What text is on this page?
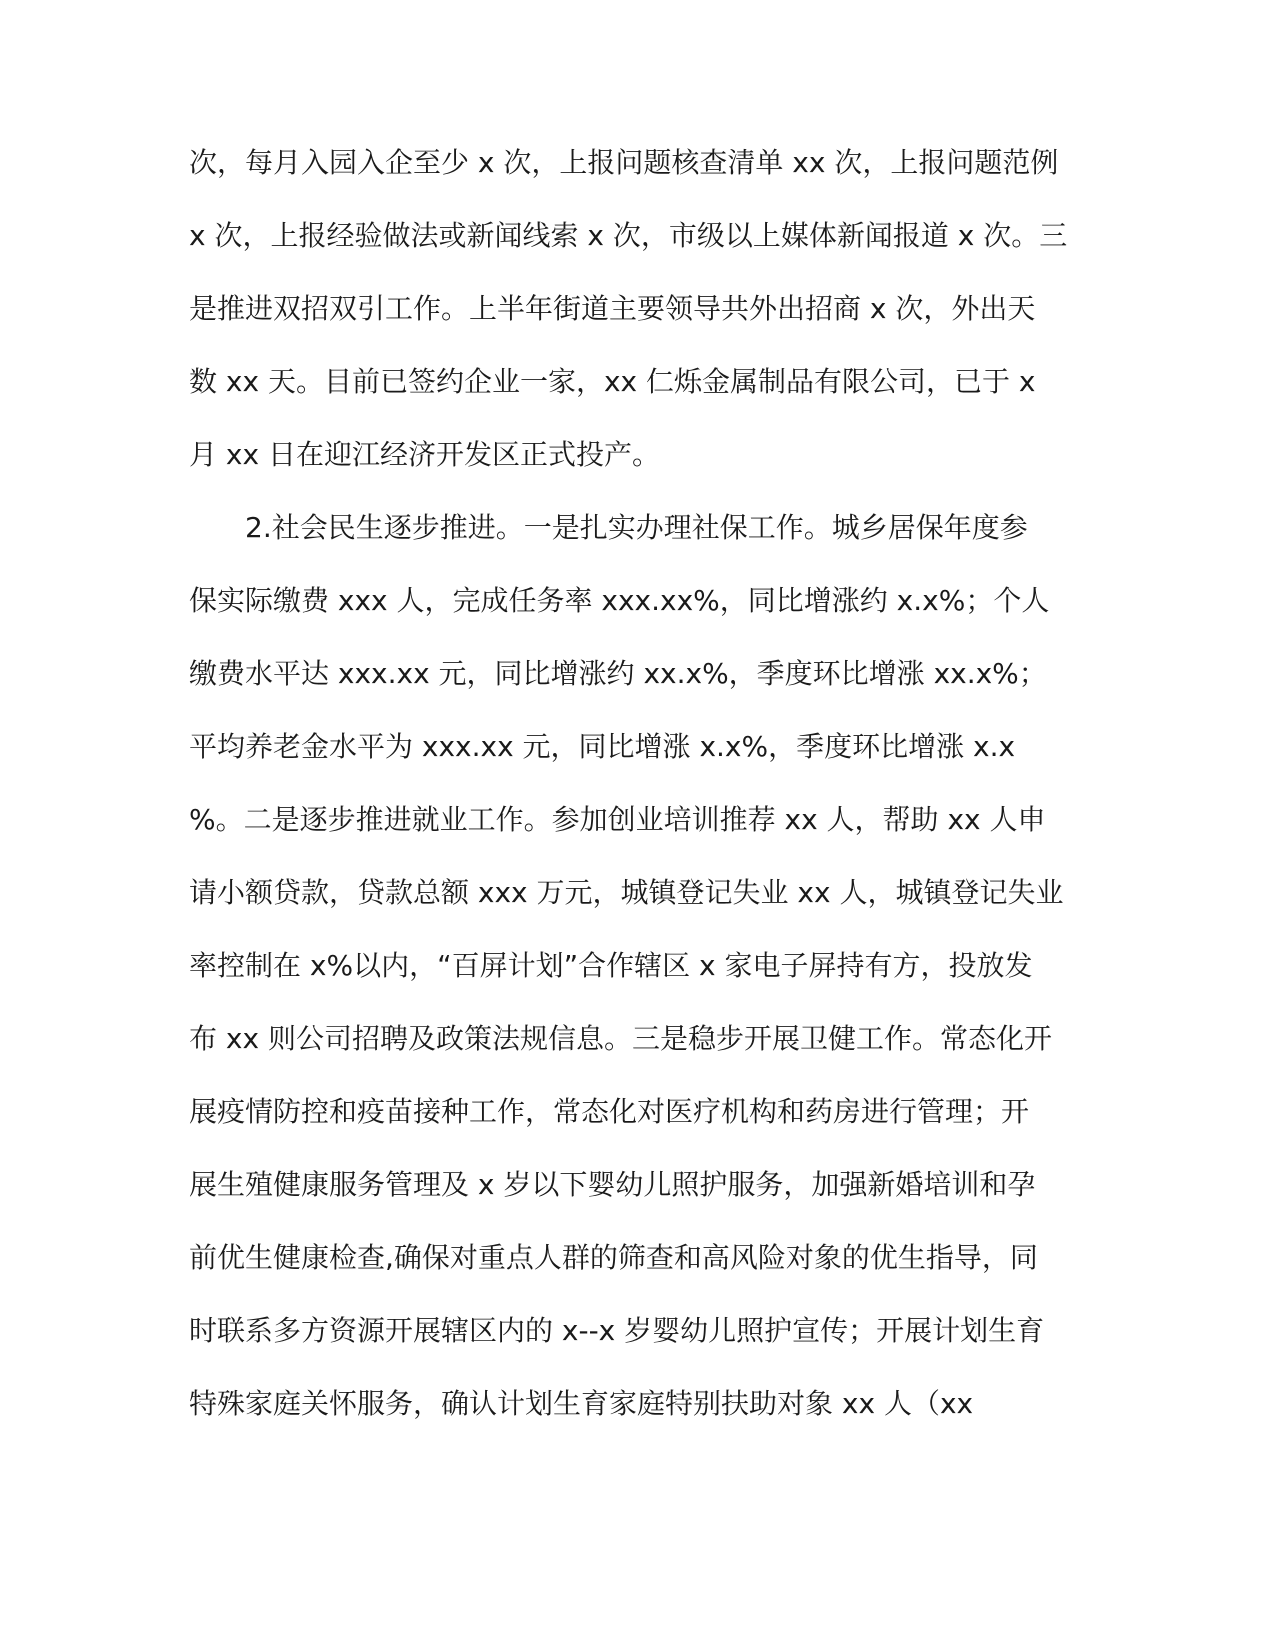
次，每月入园入企至少 x 次，上报问题核查清单 xx 次，上报问题范例
x 次，上报经验做法或新闻线索 x 次，市级以上媒体新闻报道 x 次。三
是推进双招双引工作。上半年街道主要领导共外出招商 x 次，外出天
数 xx 天。目前已签约企业一家，xx 仁烁金属制品有限公司，已于 x
月 xx 日在迎江经济开发区正式投产。
2.社会民生逐步推进。一是扎实办理社保工作。城乡居保年度参
保实际缴费 xxx 人，完成任务率 xxx.xx%，同比增涨约 x.x%；个人
缴费水平达 xxx.xx 元，同比增涨约 xx.x%，季度环比增涨 xx.x%；
平均养老金水平为 xxx.xx 元，同比增涨 x.x%，季度环比增涨 x.x
%。二是逐步推进就业工作。参加创业培训推荐 xx 人，帮助 xx 人申
请小额贷款，贷款总额 xxx 万元，城镇登记失业 xx 人，城镇登记失业
率控制在 x%以内，“百屏计划”合作辖区 x 家电子屏持有方，投放发
布 xx 则公司招聘及政策法规信息。三是稳步开展卫健工作。常态化开
展疫情防控和疫苗接种工作，常态化对医疗机构和药房进行管理；开
展生殖健康服务管理及 x 岁以下婴幼儿照护服务，加强新婚培训和孕
前优生健康检查,确保对重点人群的筛查和高风险对象的优生指导，同
时联系多方资源开展辖区内的 x--x 岁婴幼儿照护宣传；开展计划生育
特殊家庭关怀服务，确认计划生育家庭特别扶助对象 xx 人（xx
